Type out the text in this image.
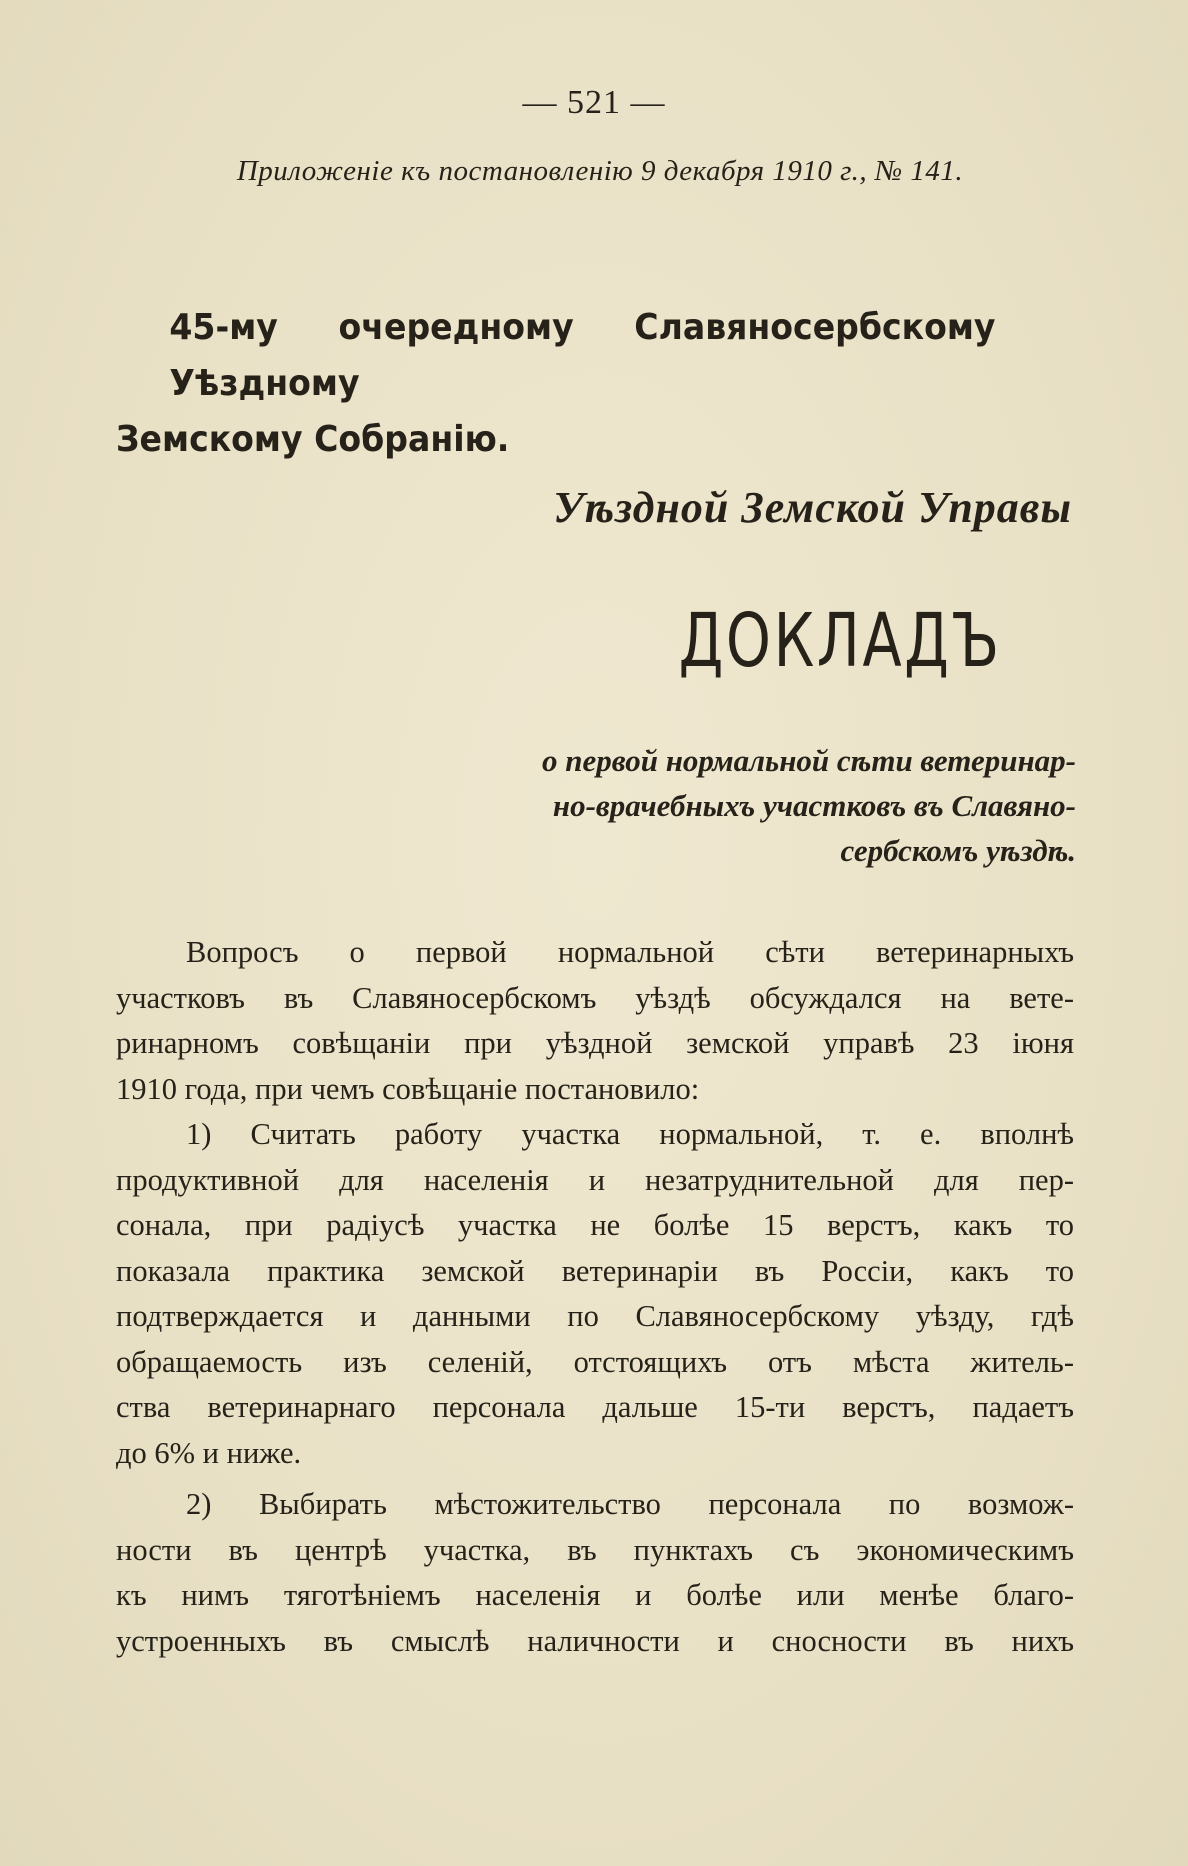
— 521 —
Приложеніе къ постановленію 9 декабря 1910 г., № 141.
45-му очередному Славяносербскому Уѣздному
Земскому Собранію.
Уѣздной Земской Управы
ДОКЛАДЪ
о первой нормальной сѣти ветеринар-
но-врачебныхъ участковъ въ Славяно-
сербскомъ уѣздѣ.

Вопросъ о первой нормальной сѣти ветеринарныхъ
участковъ въ Славяносербскомъ уѣздѣ обсуждался на вете-
ринарномъ совѣщаніи при уѣздной земской управѣ 23 іюня
1910 года, при чемъ совѣщаніе постановило:

1) Считать работу участка нормальной, т. е. вполнѣ
продуктивной для населенія и незатруднительной для пер-
сонала, при радіусѣ участка не болѣе 15 верстъ, какъ то
показала практика земской ветеринаріи въ Россіи, какъ то
подтверждается и данными по Славяносербскому уѣзду, гдѣ
обращаемость изъ селеній, отстоящихъ отъ мѣста житель-
ства ветеринарнаго персонала дальше 15-ти верстъ, падаетъ
до 6% и ниже.

2) Выбирать мѣстожительство персонала по возмож-
ности въ центрѣ участка, въ пунктахъ съ экономическимъ
къ нимъ тяготѣніемъ населенія и болѣе или менѣе благо-
устроенныхъ въ смыслѣ наличности и сносности въ нихъ
